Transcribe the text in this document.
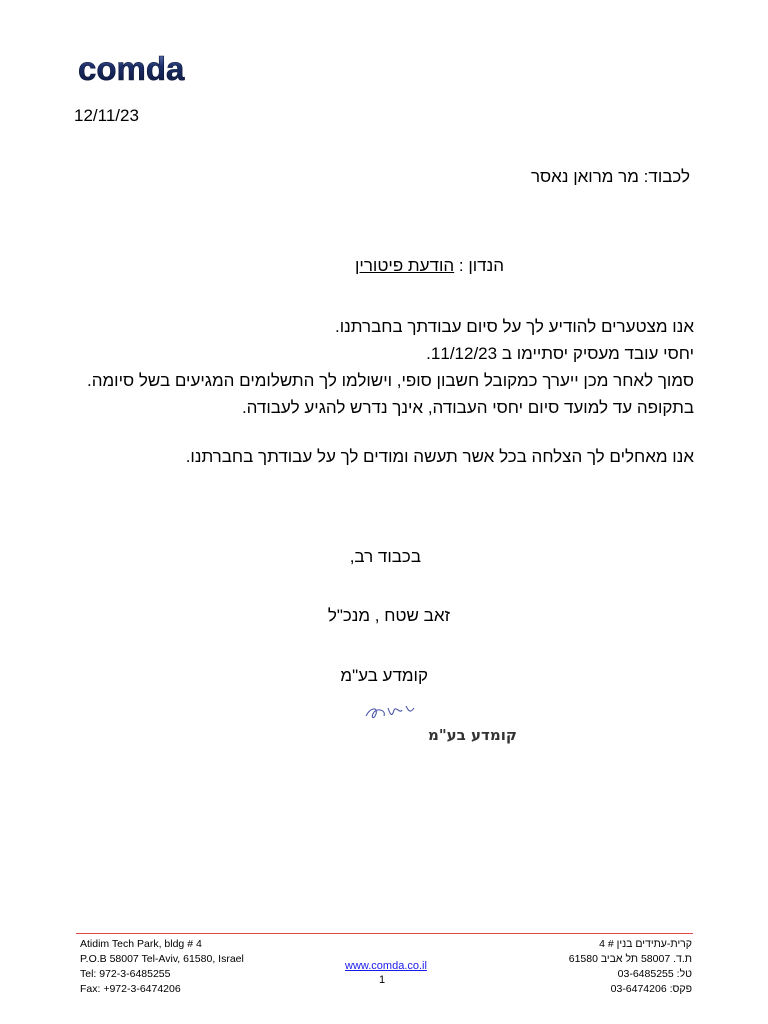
comda
12/11/23
לכבוד: מר מרואן נאסר
הנדון : הודעת פיטורין

אנו מצטערים להודיע לך על סיום עבודתך בחברתנו.

יחסי עובד מעסיק יסתיימו ב 11/12/23.

סמוך לאחר מכן ייערך כמקובל חשבון סופי, וישולמו לך התשלומים המגיעים בשל סיומה.

בתקופה עד למועד סיום יחסי העבודה, אינך נדרש להגיע לעבודה.

אנו מאחלים לך הצלחה בכל אשר תעשה ומודים לך על עבודתך בחברתנו.

בכבוד רב,
זאב שטח , מנכ"ל
קומדע בע"מ
קומדע בע"מ
Atidim Tech Park, bldg # 4
P.O.B 58007 Tel-Aviv, 61580, Israel
Tel: 972-3-6485255
Fax: +972-3-6474206
קרית-עתידים בנין # 4
ת.ד. 58007 תל אביב 61580
טל: 03-6485255
פקס: 03-6474206
www.comda.co.il
1
